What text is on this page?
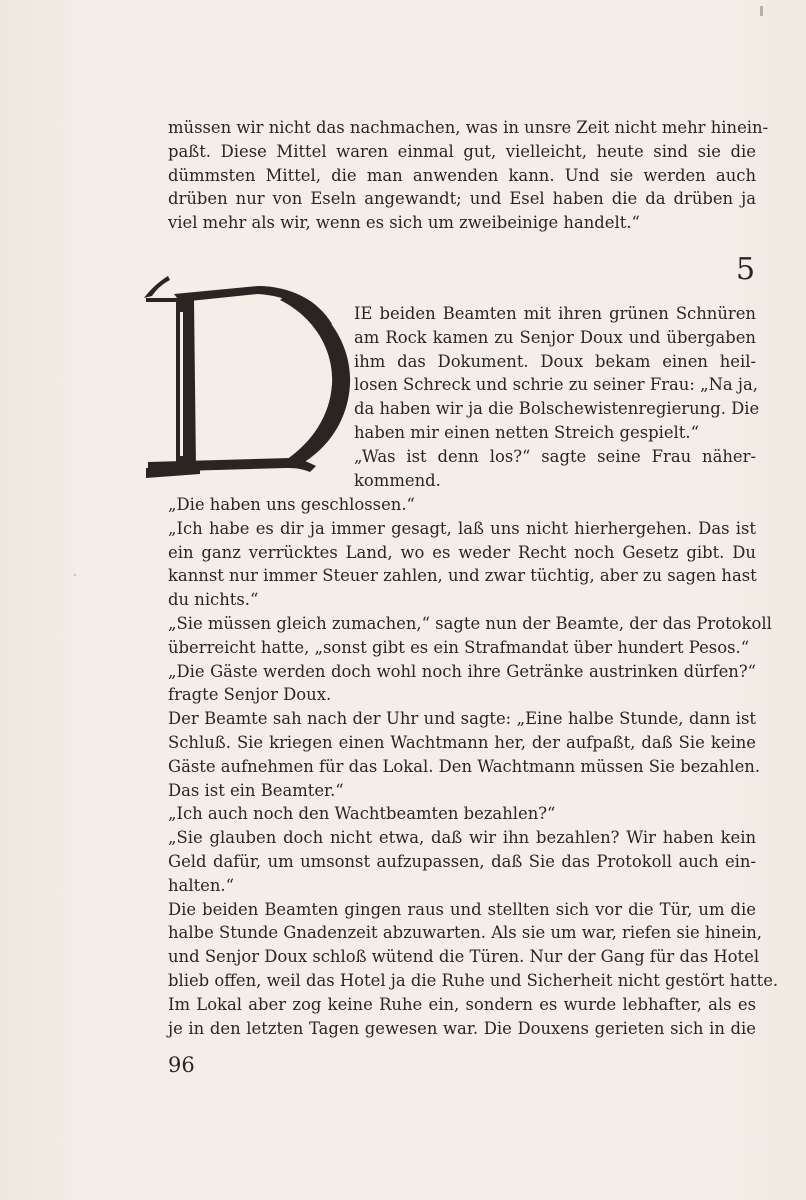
müssen wir nicht das nachmachen, was in unsre Zeit nicht mehr hinein-
paßt. Diese Mittel waren einmal gut, vielleicht, heute sind sie die
dümmsten Mittel, die man anwenden kann. Und sie werden auch
drüben nur von Eseln angewandt; und Esel haben die da drüben ja
viel mehr als wir, wenn es sich um zweibeinige handelt.“
5
IE beiden Beamten mit ihren grünen Schnüren
am Rock kamen zu Senjor Doux und übergaben
ihm das Dokument. Doux bekam einen heil-
losen Schreck und schrie zu seiner Frau: „Na ja,
da haben wir ja die Bolschewistenregierung. Die
haben mir einen netten Streich gespielt.“
„Was ist denn los?“ sagte seine Frau näher-
kommend.
„Die haben uns geschlossen.“
„Ich habe es dir ja immer gesagt, laß uns nicht hierhergehen. Das ist
ein ganz verrücktes Land, wo es weder Recht noch Gesetz gibt. Du
kannst nur immer Steuer zahlen, und zwar tüchtig, aber zu sagen hast
du nichts.“
„Sie müssen gleich zumachen,“ sagte nun der Beamte, der das Protokoll
überreicht hatte, „sonst gibt es ein Strafmandat über hundert Pesos.“
„Die Gäste werden doch wohl noch ihre Getränke austrinken dürfen?“
fragte Senjor Doux.
Der Beamte sah nach der Uhr und sagte: „Eine halbe Stunde, dann ist
Schluß. Sie kriegen einen Wachtmann her, der aufpaßt, daß Sie keine
Gäste aufnehmen für das Lokal. Den Wachtmann müssen Sie bezahlen.
Das ist ein Beamter.“
„Ich auch noch den Wachtbeamten bezahlen?“
„Sie glauben doch nicht etwa, daß wir ihn bezahlen? Wir haben kein
Geld dafür, um umsonst aufzupassen, daß Sie das Protokoll auch ein-
halten.“
Die beiden Beamten gingen raus und stellten sich vor die Tür, um die
halbe Stunde Gnadenzeit abzuwarten. Als sie um war, riefen sie hinein,
und Senjor Doux schloß wütend die Türen. Nur der Gang für das Hotel
blieb offen, weil das Hotel ja die Ruhe und Sicherheit nicht gestört hatte.
Im Lokal aber zog keine Ruhe ein, sondern es wurde lebhafter, als es
je in den letzten Tagen gewesen war. Die Douxens gerieten sich in die
96
